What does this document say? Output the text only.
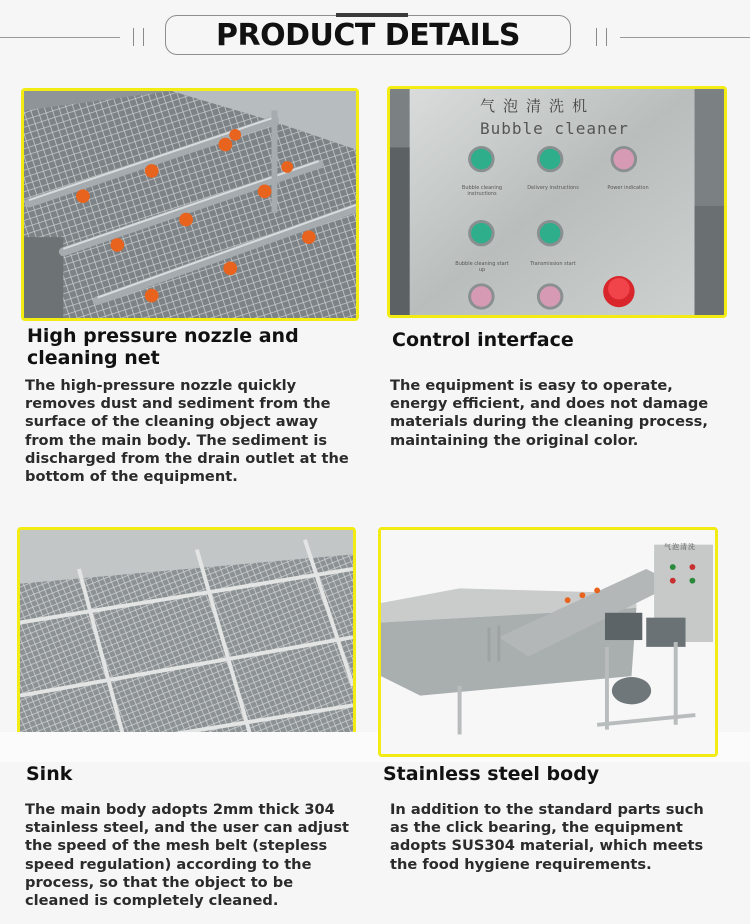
PRODUCT DETAILS
High pressure nozzle and cleaning net
The high-pressure nozzle quickly removes dust and sediment from the surface of the cleaning object away from the main body. The sediment is discharged from the drain outlet at the bottom of the equipment.
气泡清洗机
Bubble cleaner
Bubble cleaning instructions
Delivery instructions	Power indication
Bubble cleaning start up
Transmission start
Control interface
The equipment is easy to operate, energy efficient, and does not damage materials during the cleaning process, maintaining the original color.
Sink
The main body adopts 2mm thick 304 stainless steel, and the user can adjust the speed of the mesh belt (stepless speed regulation) according to the process, so that the object to be cleaned is completely cleaned.
气泡清洗
Stainless steel body
In addition to the standard parts such as the click bearing, the equipment adopts SUS304 material, which meets the food hygiene requirements.
